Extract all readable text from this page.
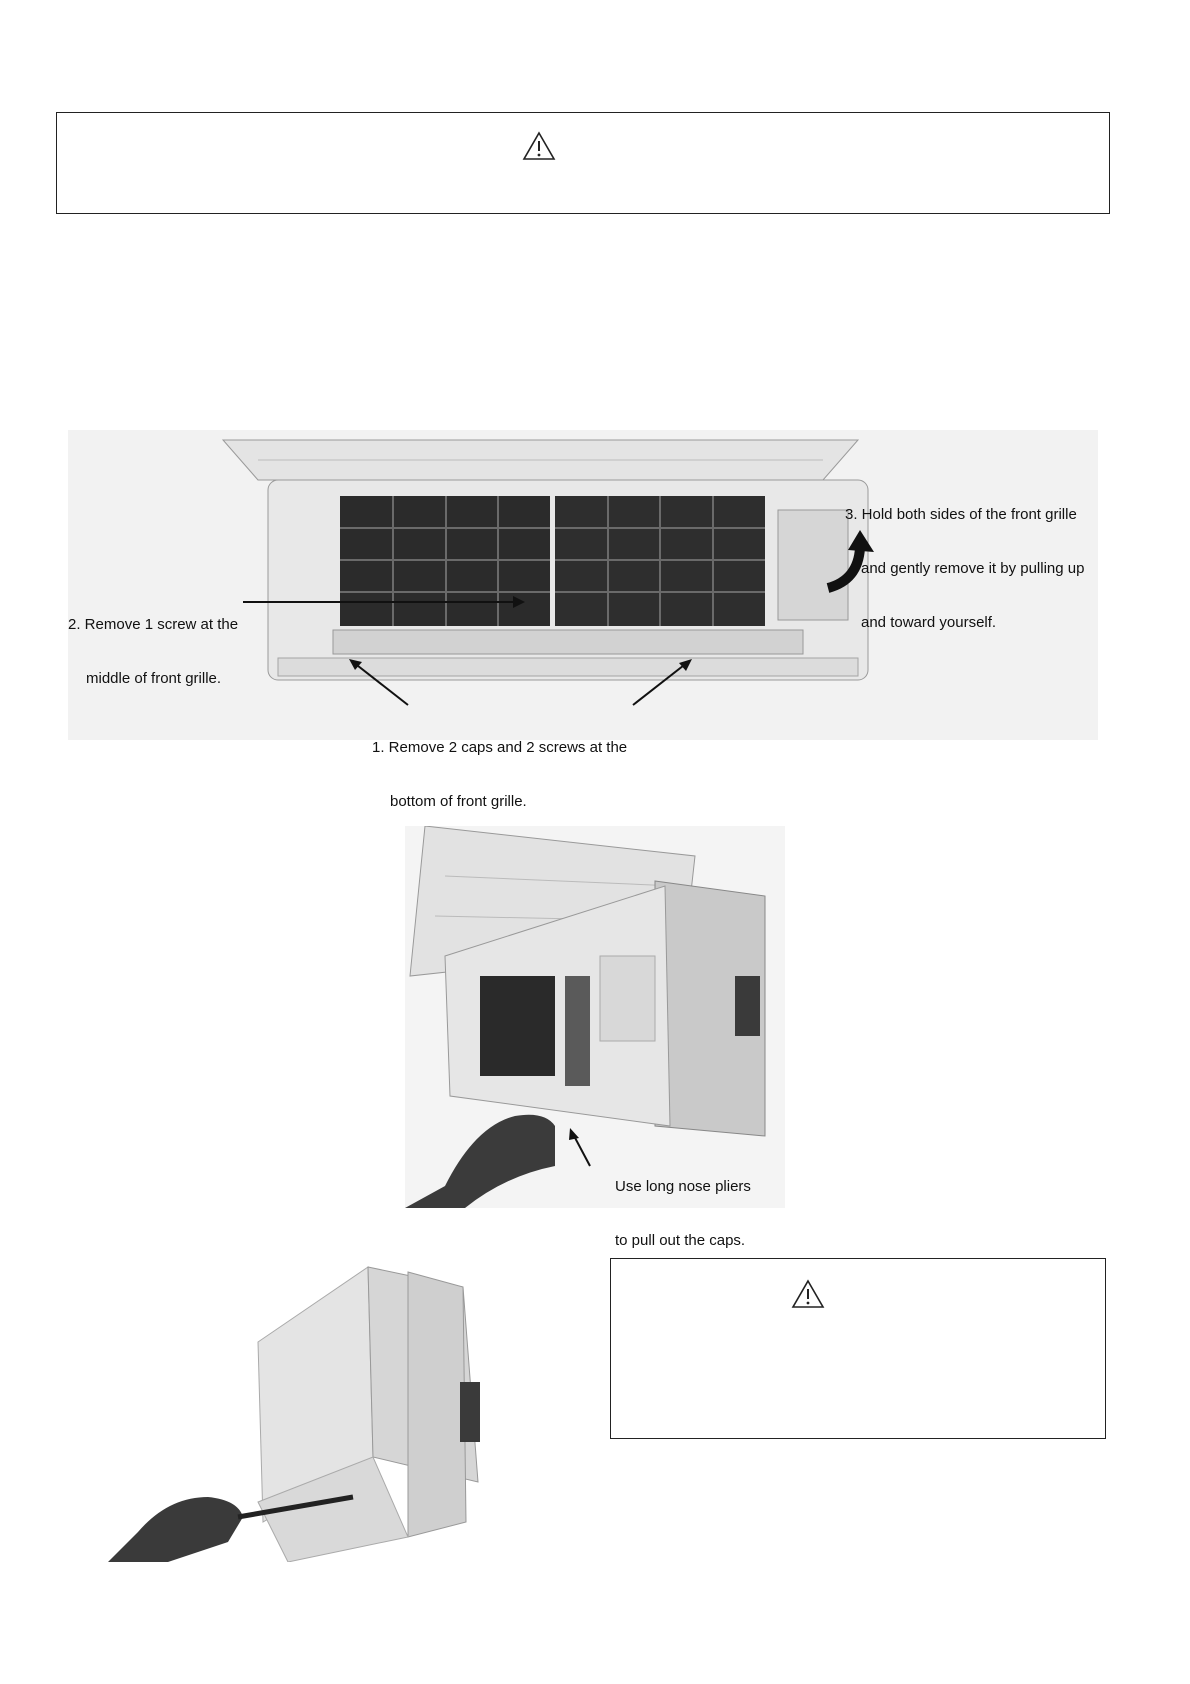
3. Hold both sides of the front grille

and gently remove it by pulling up

and toward yourself.

2. Remove 1 screw at the

middle of front grille.

1. Remove 2 caps and 2 screws at the

bottom of front grille.

Use long nose pliers

to pull out the caps.
